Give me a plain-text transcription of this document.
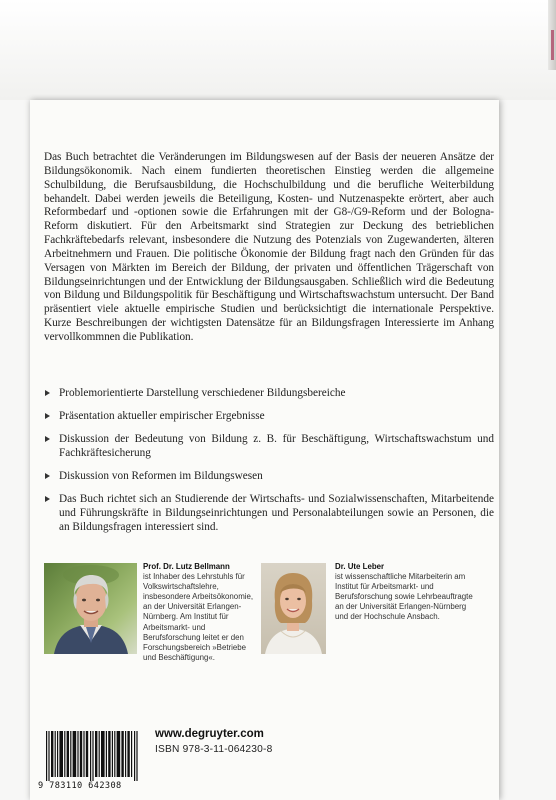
Das Buch betrachtet die Veränderungen im Bildungswesen auf der Basis der neueren Ansätze der Bildungsökonomik. Nach einem fundierten theoretischen Einstieg werden die allgemeine Schulbildung, die Berufsausbildung, die Hochschulbildung und die berufliche Weiterbildung behandelt. Dabei werden jeweils die Beteiligung, Kosten- und Nutzenaspekte erörtert, aber auch Reformbedarf und -optionen sowie die Erfahrungen mit der G8-/G9-Reform und der Bologna-Reform diskutiert. Für den Arbeitsmarkt sind Strategien zur Deckung des betrieblichen Fachkräftebedarfs relevant, insbesondere die Nutzung des Potenzials von Zugewanderten, älteren Arbeitnehmern und Frauen. Die politische Ökonomie der Bildung fragt nach den Gründen für das Versagen von Märkten im Bereich der Bildung, der privaten und öffentlichen Trägerschaft von Bildungseinrichtungen und der Entwicklung der Bildungsausgaben. Schließlich wird die Bedeutung von Bildung und Bildungspolitik für Beschäftigung und Wirtschaftswachstum untersucht. Der Band präsentiert viele aktuelle empirische Studien und berücksichtigt die internationale Perspektive. Kurze Beschreibungen der wichtigsten Datensätze für an Bildungsfragen Interessierte im Anhang vervollkommnen die Publikation.

Problemorientierte Darstellung verschiedener Bildungsbereiche
Präsentation aktueller empirischer Ergebnisse
Diskussion der Bedeutung von Bildung z. B. für Beschäftigung, Wirtschaftswachstum und Fachkräftesicherung
Diskussion von Reformen im Bildungswesen
Das Buch richtet sich an Studierende der Wirtschafts- und Sozialwissenschaften, Mitarbeitende und Führungskräfte in Bildungseinrichtungen und Personalabteilungen sowie an Personen, die an Bildungsfragen interessiert sind.
Prof. Dr. Lutz Bellmann
ist Inhaber des Lehrstuhls für Volkswirtschaftslehre, insbesondere Arbeitsökonomie, an der Universität Erlangen-Nürnberg. Am Institut für Arbeitsmarkt- und Berufsforschung leitet er den Forschungsbereich »Betriebe und Beschäftigung«.
Dr. Ute Leber
ist wissenschaftliche Mitarbeiterin am Institut für Arbeitsmarkt- und Berufsforschung sowie Lehrbeauftragte an der Universität Erlangen-Nürnberg und der Hochschule Ansbach.
9 783110 642308
www.degruyter.com
ISBN 978-3-11-064230-8
